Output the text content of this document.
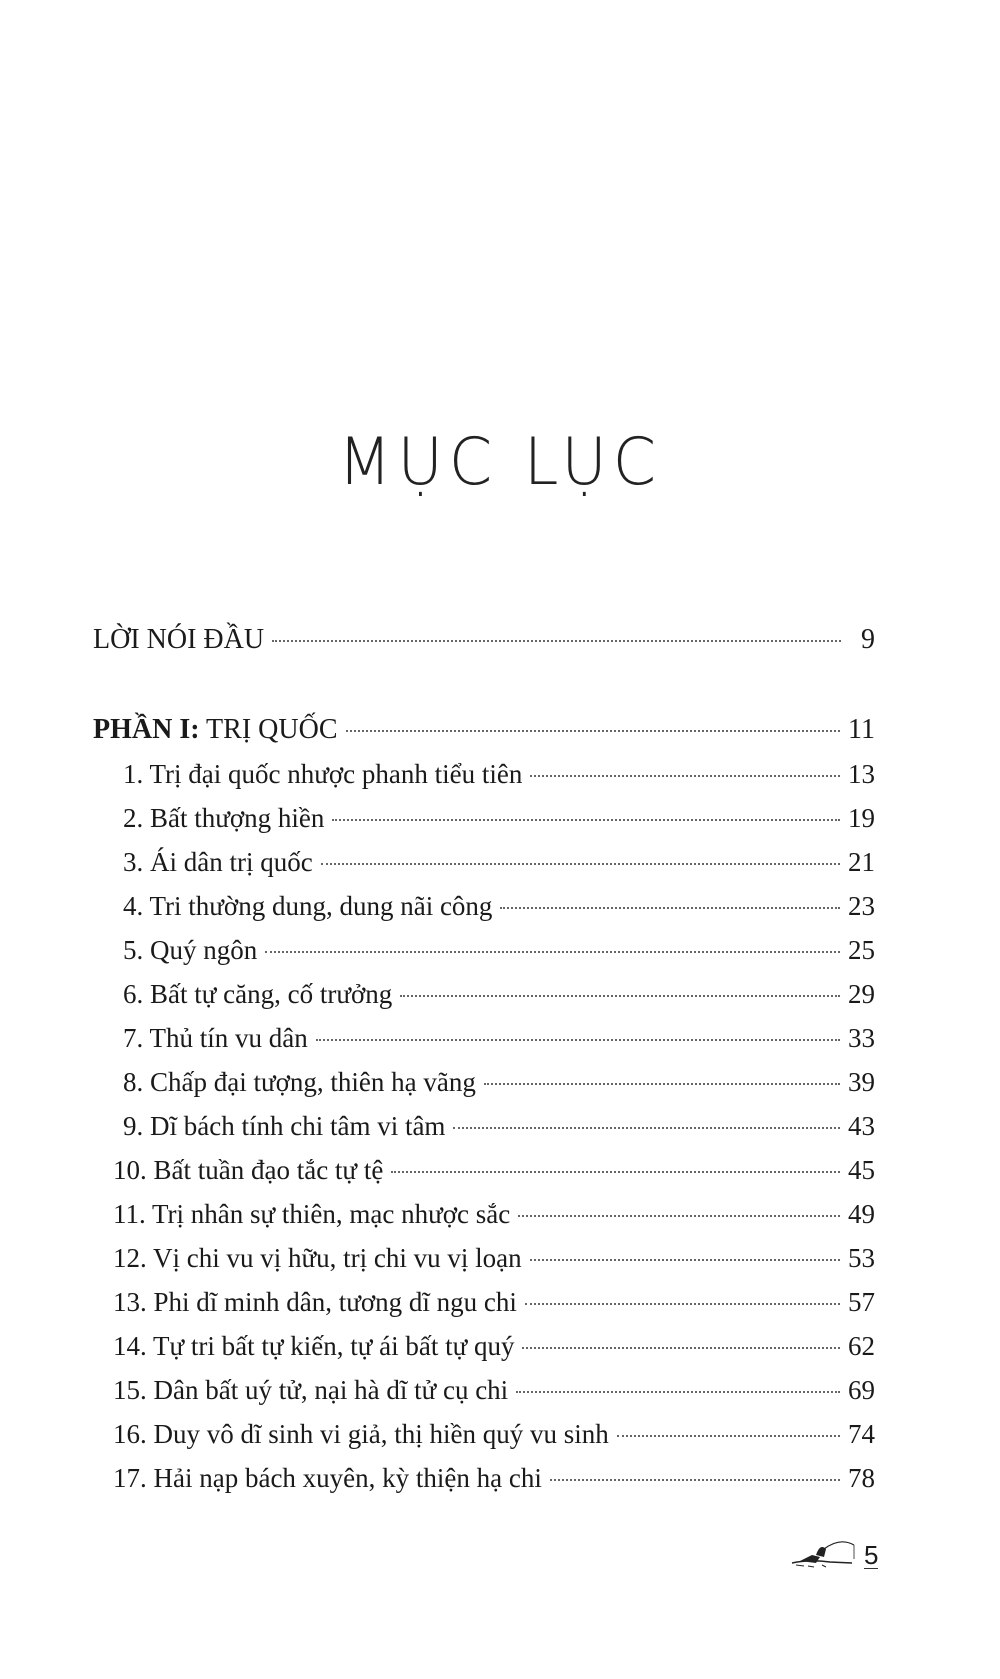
MỤC LỤC
LỜI NÓI ĐẦU	9
PHẦN I: TRỊ QUỐC	11
1. Trị đại quốc nhược phanh tiểu tiên	13
2. Bất thượng hiền	19
3. Ái dân trị quốc	21
4. Tri thường dung, dung nãi công	23
5. Quý ngôn	25
6. Bất tự căng, cố trưởng	29
7. Thủ tín vu dân	33
8. Chấp đại tượng, thiên hạ vãng	39
9. Dĩ bách tính chi tâm vi tâm	43
10. Bất tuần đạo tắc tự tệ	45
11. Trị nhân sự thiên, mạc nhược sắc	49
12. Vị chi vu vị hữu, trị chi vu vị loạn	53
13. Phi dĩ minh dân, tương dĩ ngu chi	57
14. Tự tri bất tự kiến, tự ái bất tự quý	62
15. Dân bất uý tử, nại hà dĩ tử cụ chi	69
16. Duy vô dĩ sinh vi giả, thị hiền quý vu sinh	74
17. Hải nạp bách xuyên, kỳ thiện hạ chi	78
5
